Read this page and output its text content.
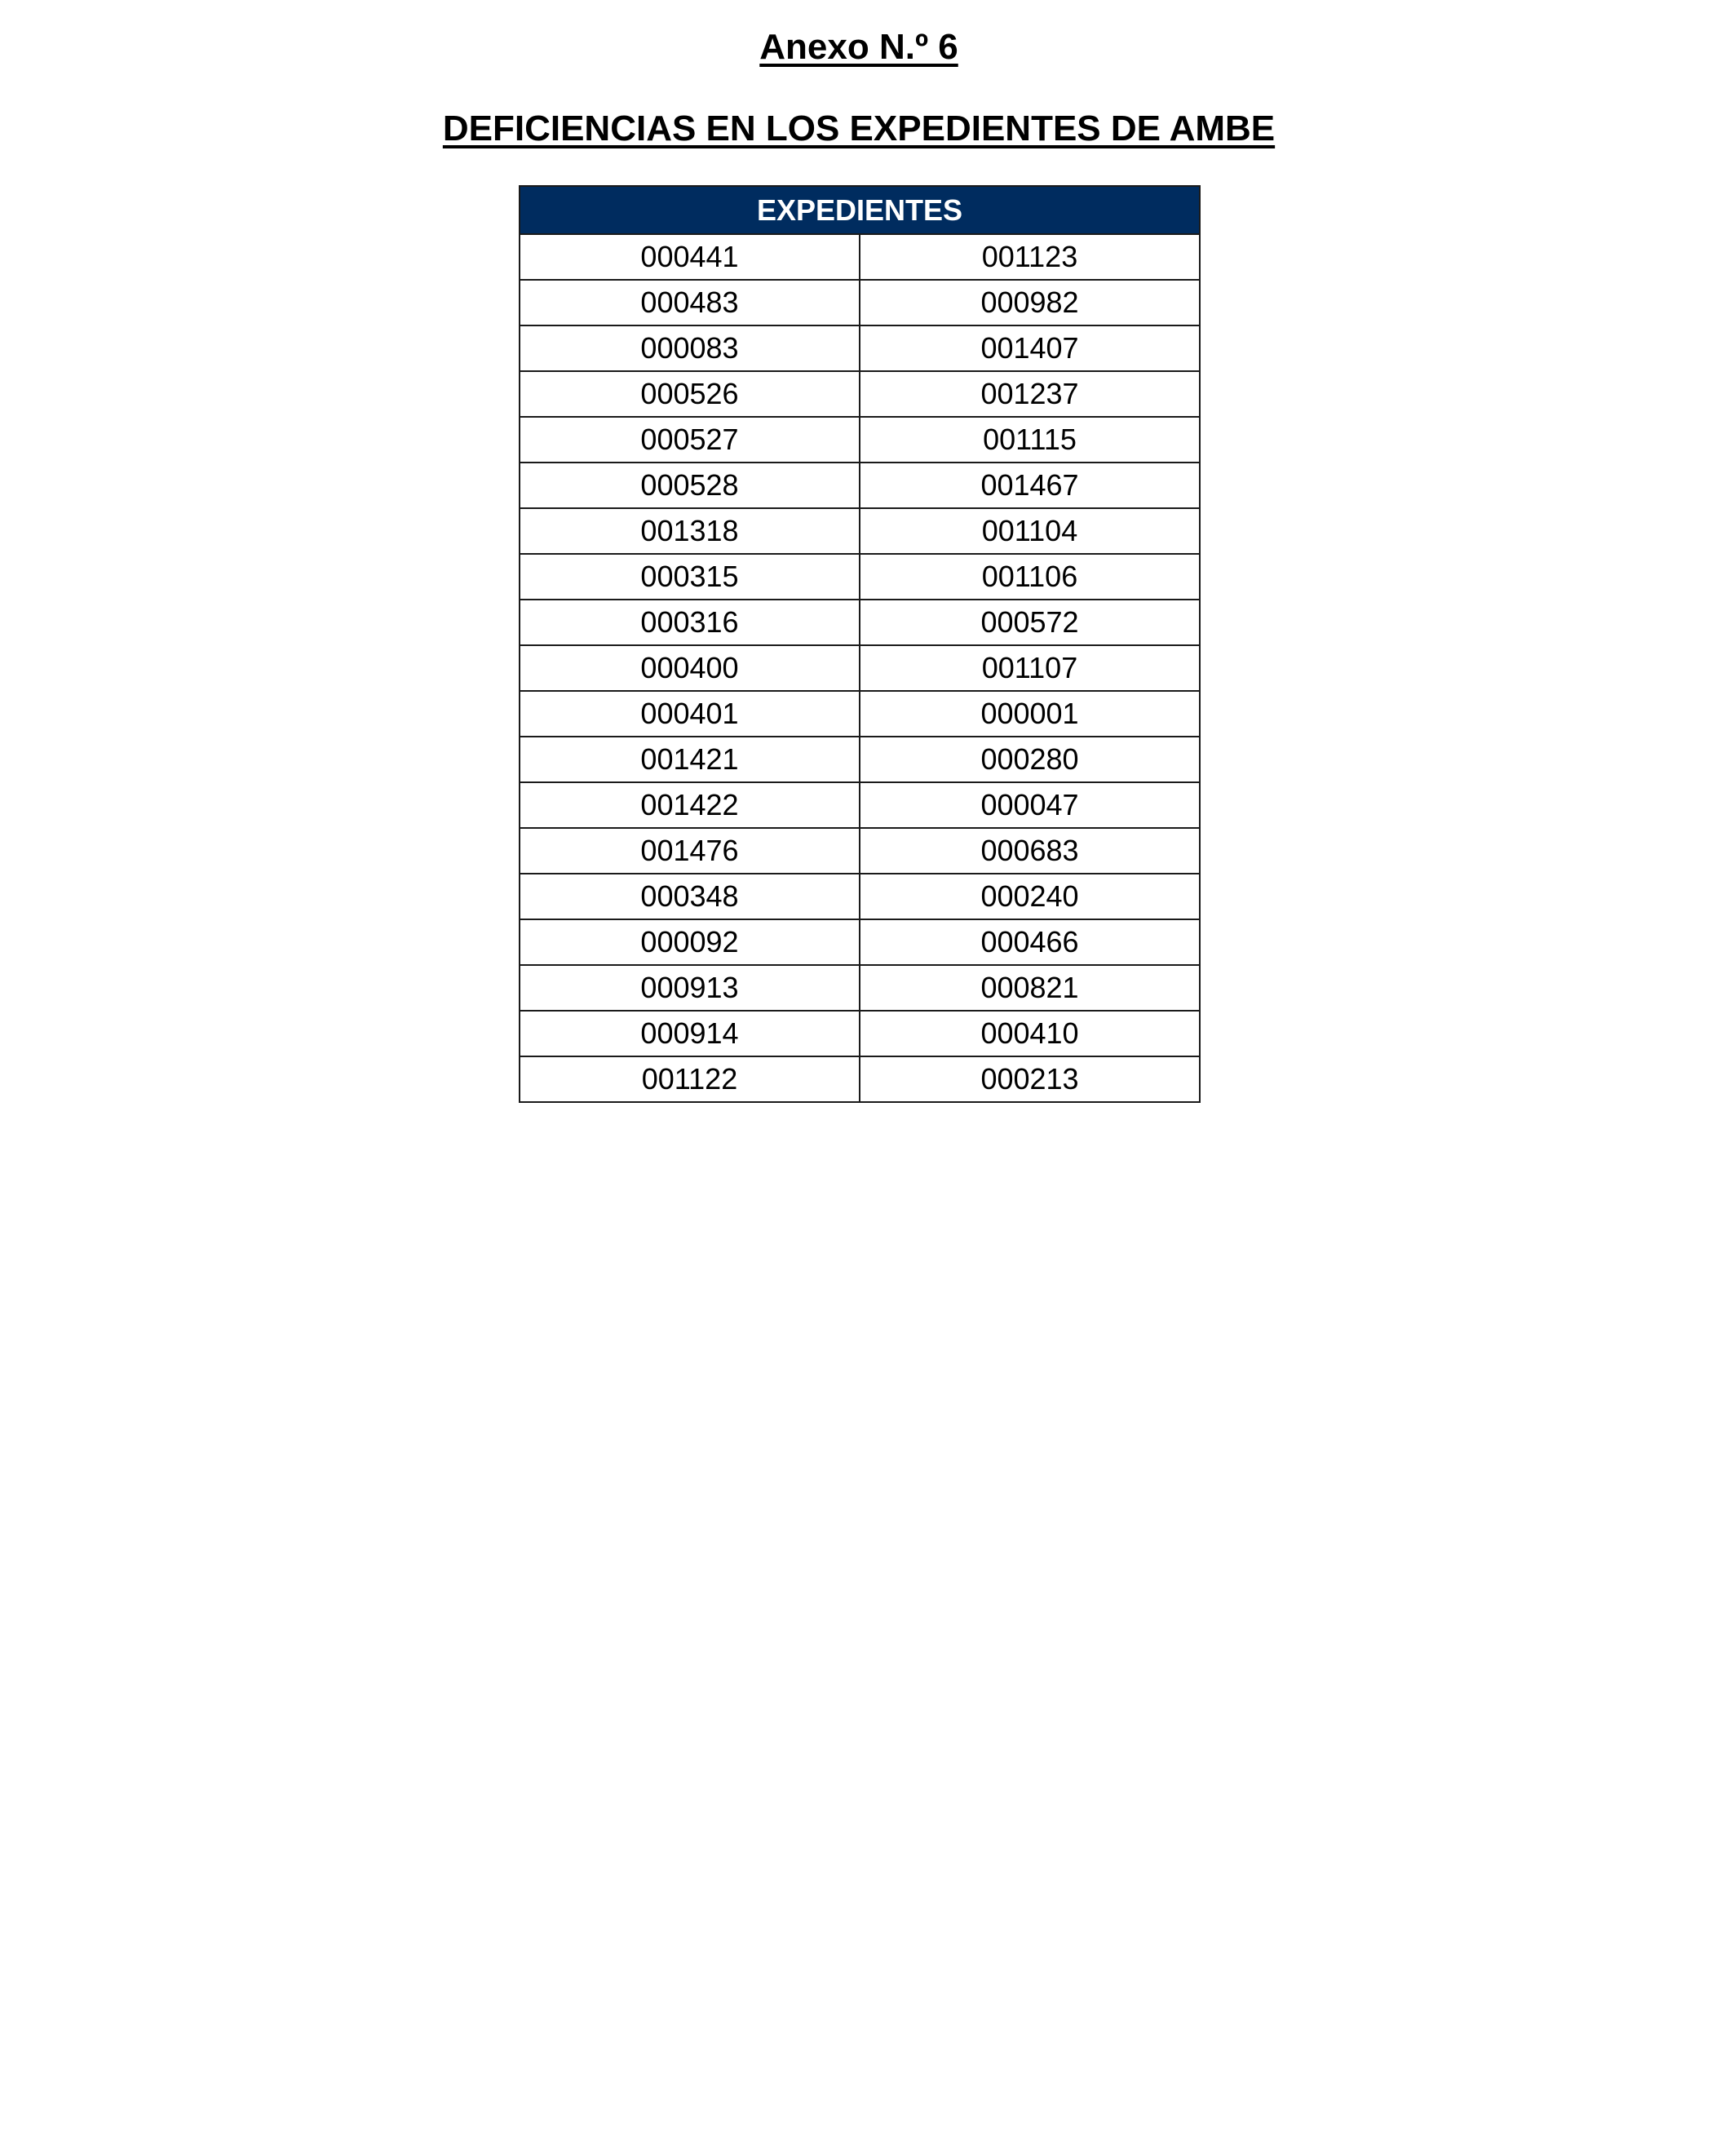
Anexo N.º 6
DEFICIENCIAS EN LOS EXPEDIENTES DE AMBE
EXPEDIENTES	
000441	001123
000483	000982
000083	001407
000526	001237
000527	001115
000528	001467
001318	001104
000315	001106
000316	000572
000400	001107
000401	000001
001421	000280
001422	000047
001476	000683
000348	000240
000092	000466
000913	000821
000914	000410
001122	000213
